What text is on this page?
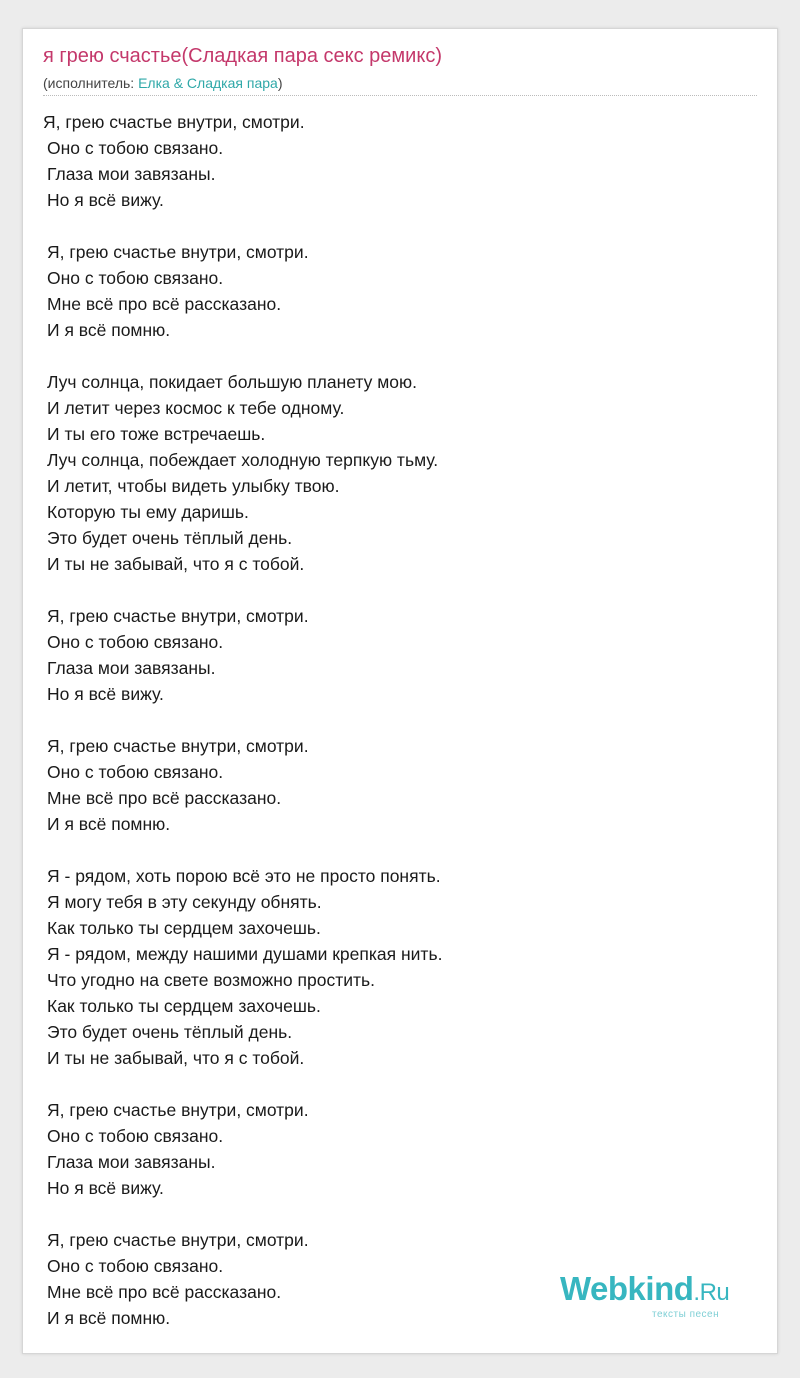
я грею счастье(Сладкая пара секс ремикс)
(исполнитель: Елка & Сладкая пара)
Я, грею счастье внутри, смотри.
Оно с тобою связано.
Глаза мои завязаны.
Но я всё вижу.
Я, грею счастье внутри, смотри.
Оно с тобою связано.
Мне всё про всё рассказано.
И я всё помню.
Луч солнца, покидает большую планету мою.
И летит через космос к тебе одному.
И ты его тоже встречаешь.
Луч солнца, побеждает холодную терпкую тьму.
И летит, чтобы видеть улыбку твою.
Которую ты ему даришь.
Это будет очень тёплый день.
И ты не забывай, что я с тобой.
Я, грею счастье внутри, смотри.
Оно с тобою связано.
Глаза мои завязаны.
Но я всё вижу.
Я, грею счастье внутри, смотри.
Оно с тобою связано.
Мне всё про всё рассказано.
И я всё помню.
Я - рядом, хоть порою всё это не просто понять.
Я могу тебя в эту секунду обнять.
Как только ты сердцем захочешь.
Я - рядом, между нашими душами крепкая нить.
Что угодно на свете возможно простить.
Как только ты сердцем захочешь.
Это будет очень тёплый день.
И ты не забывай, что я с тобой.
Я, грею счастье внутри, смотри.
Оно с тобою связано.
Глаза мои завязаны.
Но я всё вижу.
Я, грею счастье внутри, смотри.
Оно с тобою связано.
Мне всё про всё рассказано.
И я всё помню.
Webkind.Ru
тексты песен
